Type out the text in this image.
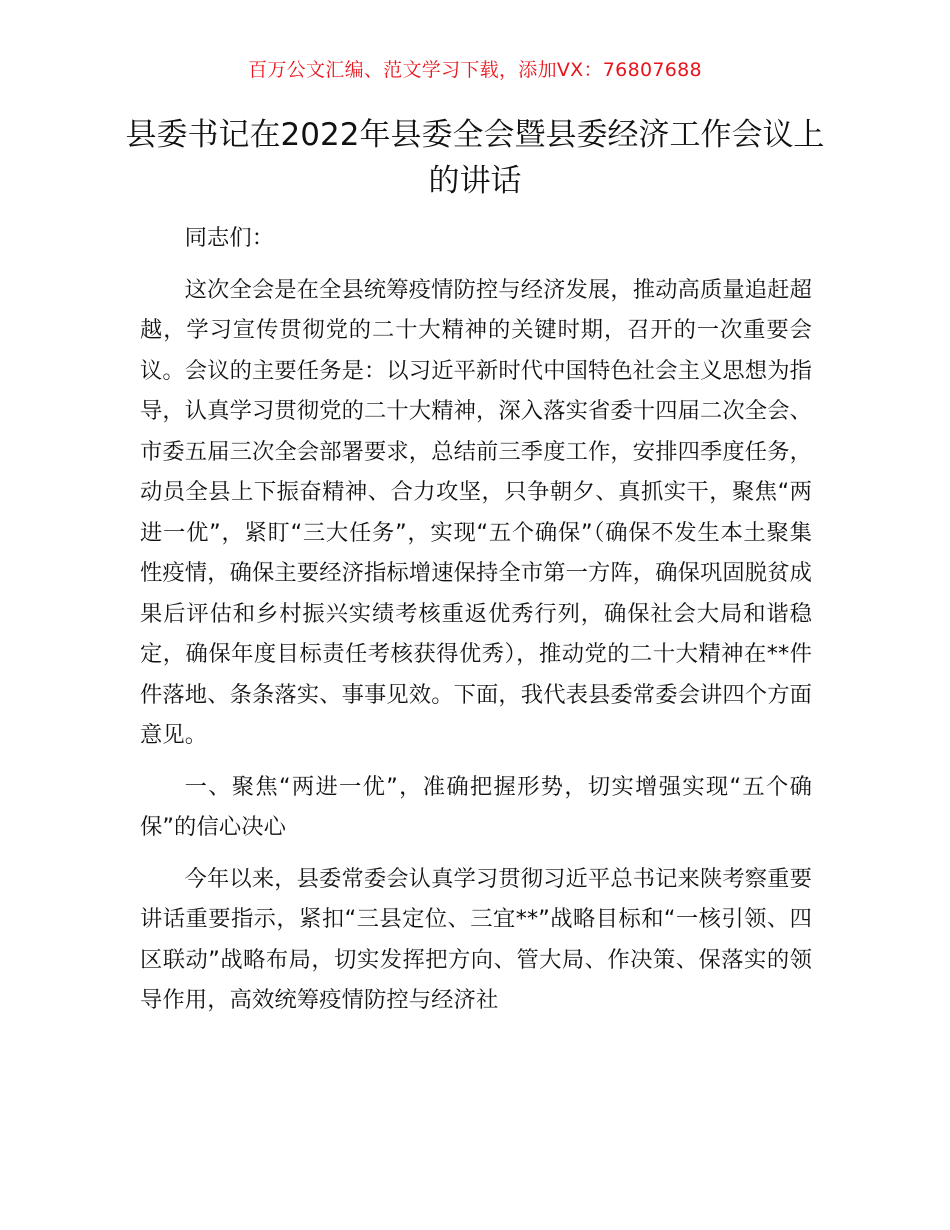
百万公文汇编、范文学习下载，添加VX：76807688
县委书记在2022年县委全会暨县委经济工作会议上的讲话

同志们：

这次全会是在全县统筹疫情防控与经济发展，推动高质量追赶超越，学习宣传贯彻党的二十大精神的关键时期，召开的一次重要会议。会议的主要任务是：以习近平新时代中国特色社会主义思想为指导，认真学习贯彻党的二十大精神，深入落实省委十四届二次全会、市委五届三次全会部署要求，总结前三季度工作，安排四季度任务，动员全县上下振奋精神、合力攻坚，只争朝夕、真抓实干，聚焦“两进一优”，紧盯“三大任务”，实现“五个确保”（确保不发生本土聚集性疫情，确保主要经济指标增速保持全市第一方阵，确保巩固脱贫成果后评估和乡村振兴实绩考核重返优秀行列，确保社会大局和谐稳定，确保年度目标责任考核获得优秀），推动党的二十大精神在**件件落地、条条落实、事事见效。下面，我代表县委常委会讲四个方面意见。

一、聚焦“两进一优”，准确把握形势，切实增强实现“五个确保”的信心决心

今年以来，县委常委会认真学习贯彻习近平总书记来陕考察重要讲话重要指示，紧扣“三县定位、三宜**”战略目标和“一核引领、四区联动”战略布局，切实发挥把方向、管大局、作决策、保落实的领导作用，高效统筹疫情防控与经济社
